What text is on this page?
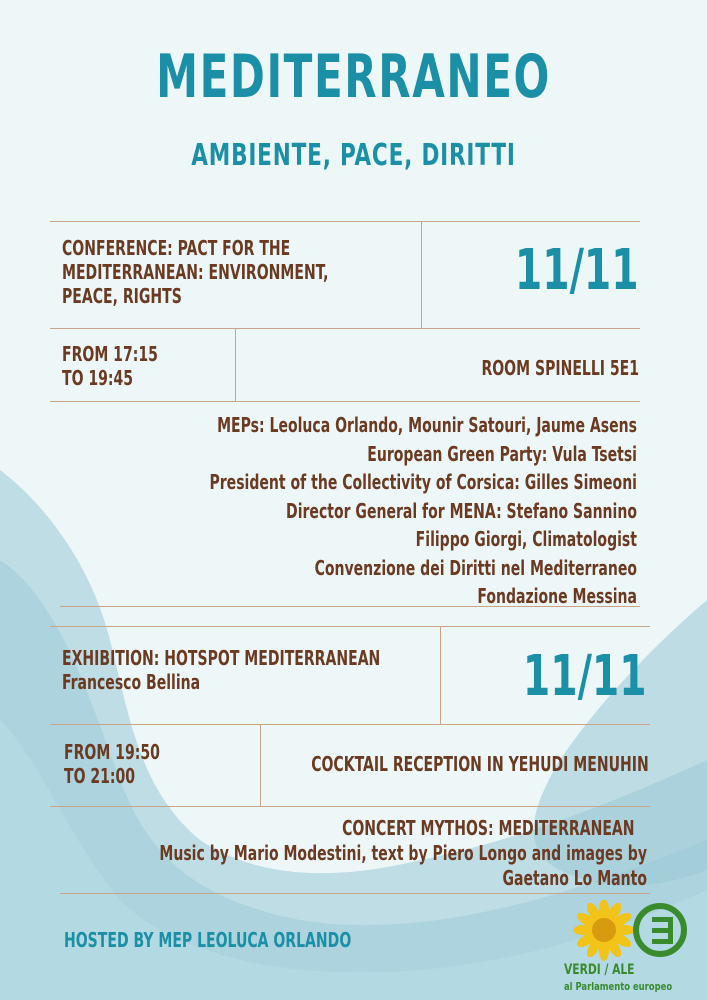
MEDITERRANEO
AMBIENTE, PACE, DIRITTI
CONFERENCE: PACT FOR THE
MEDITERRANEAN: ENVIRONMENT,
PEACE, RIGHTS	11/11
FROM 17:15
TO 19:45	ROOM SPINELLI 5E1
MEPs: Leoluca Orlando, Mounir Satouri, Jaume Asens
European Green Party: Vula Tsetsi
President of the Collectivity of Corsica: Gilles Simeoni
Director General for MENA: Stefano Sannino
Filippo Giorgi, Climatologist
Convenzione dei Diritti nel Mediterraneo
Fondazione Messina
EXHIBITION: HOTSPOT MEDITERRANEAN
Francesco Bellina	11/11
FROM 19:50
TO 21:00	COCKTAIL RECEPTION IN YEHUDI MENUHIN
CONCERT MYTHOS: MEDITERRANEAN
Music by Mario Modestini, text by Piero Longo and images by
Gaetano Lo Manto
HOSTED BY MEP LEOLUCA ORLANDO
VERDI / ALE
al Parlamento europeo
